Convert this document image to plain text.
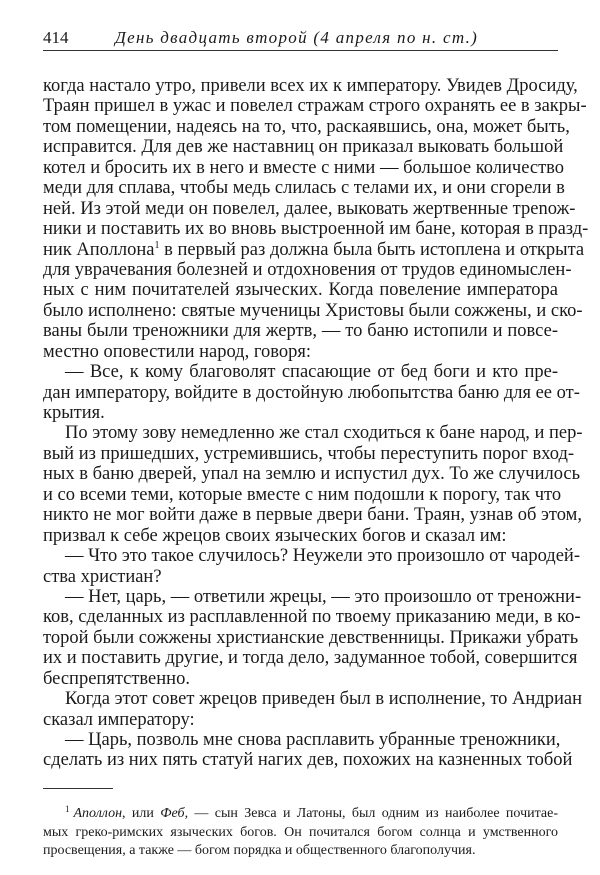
414	День двадцать второй (4 апреля по н. ст.)
когда настало утро, привели всех их к императору. Увидев Дросиду,
Траян пришел в ужас и повелел стражам строго охранять ее в закры-
том помещении, надеясь на то, что, раскаявшись, она, может быть,
исправится. Для дев же наставниц он приказал выковать большой
котел и бросить их в него и вместе с ними — большое количество
меди для сплава, чтобы медь слилась с телами их, и они сгорели в
ней. Из этой меди он повелел, далее, выковать жертвенные трenож-
ники и поставить их во вновь выстроенной им бане, которая в празд-
ник Аполлона$^1$ в первый раз должна была быть истоплена и открыта
для уврачевания болезней и отдохновения от трудов единомыслен-
ных с ним почитателей языческих. Когда повеление императора
было исполнено: святые мученицы Христовы были сожжены, и ско-
ваны были треножники для жертв, — то баню истопили и повсе-
местно оповестили народ, говоря:
— Все, к кому благоволят спасающие от бед боги и кто пре-
дан императору, войдите в достойную любопытства баню для ее от-
крытия.
По этому зову немедленно же стал сходиться к бане народ, и пер-
вый из пришедших, устремившись, чтобы переступить порог вход-
ных в баню дверей, упал на землю и испустил дух. То же случилось
и со всеми теми, которые вместе с ним подошли к порогу, так что
никто не мог войти даже в первые двери бани. Траян, узнав об этом,
призвал к себе жрецов своих языческих богов и сказал им:
— Что это такое случилось? Неужели это произошло от чародей-
ства христиан?
— Нет, царь, — ответили жрецы, — это произошло от треножни-
ков, сделанных из расплавленной по твоему приказанию меди, в ко-
торой были сожжены христианские девственницы. Прикажи убрать
их и поставить другие, и тогда дело, задуманное тобой, совершится
беспрепятственно.
Когда этот совет жрецов приведен был в исполнение, то Андриан
сказал императору:
— Царь, позволь мне снова расплавить убранные треножники,
сделать из них пять статуй нагих дев, похожих на казненных тобой
$^1$ Аполлон, или Феб, — сын Зевса и Латоны, был одним из наиболее почитае-
мых греко-римских языческих богов. Он почитался богом солнца и умственного
просвещения, а также — богом порядка и общественного благополучия.
